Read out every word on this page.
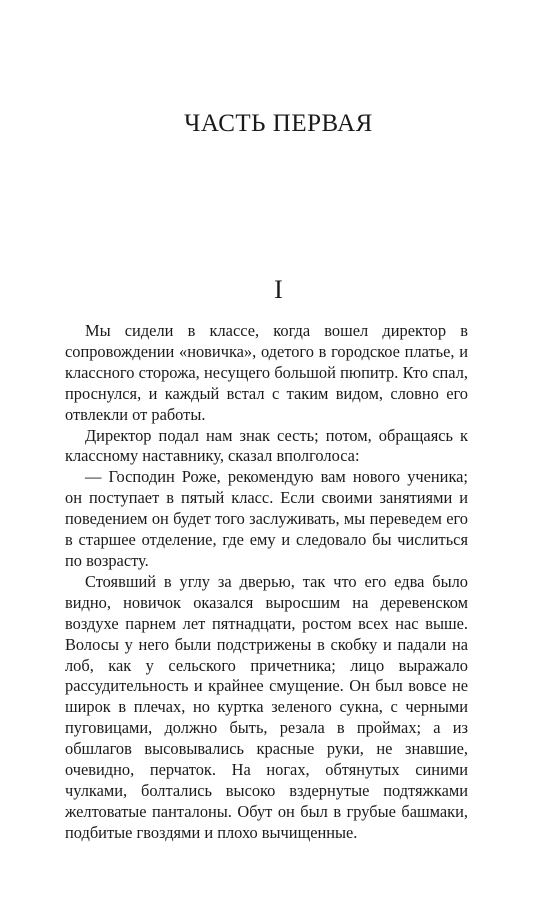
ЧАСТЬ ПЕРВАЯ
I

Мы сидели в классе, когда вошел директор в сопровождении «новичка», одетого в городское платье, и классного сторожа, несущего большой пюпитр. Кто спал, проснулся, и каждый встал с таким видом, словно его отвлекли от работы.

Директор подал нам знак сесть; потом, обращаясь к классному наставнику, сказал вполголоса:

— Господин Роже, рекомендую вам нового ученика; он поступает в пятый класс. Если своими занятиями и поведением он будет того заслуживать, мы переведем его в старшее отделение, где ему и следовало бы числиться по возрасту.

Стоявший в углу за дверью, так что его едва было видно, новичок оказался выросшим на деревенском воздухе парнем лет пятнадцати, ростом всех нас выше. Волосы у него были подстрижены в скобку и падали на лоб, как у сельского причетника; лицо выражало рассудительность и крайнее смущение. Он был вовсе не широк в плечах, но куртка зеленого сукна, с черными пуговицами, должно быть, резала в проймах; а из обшлагов высовывались красные руки, не знавшие, очевидно, перчаток. На ногах, обтянутых синими чулками, болтались высоко вздернутые подтяжками желтоватые панталоны. Обут он был в грубые башмаки, подбитые гвоздями и плохо вычищенные.
